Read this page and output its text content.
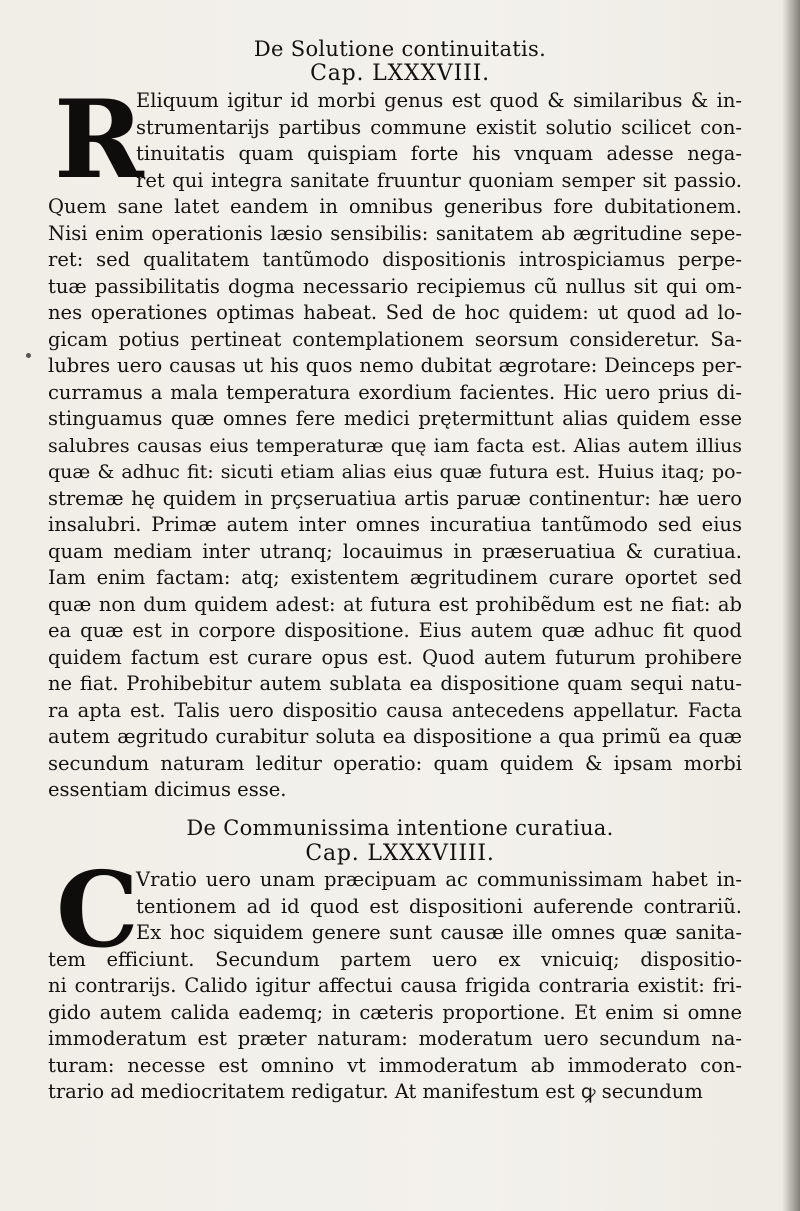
De Solutione continuitatis.
Cap. LXXXVIII.
R
Eliquum igitur id morbi genus est quod & similaribus & in-
strumentarijs partibus commune existit solutio scilicet con-
tinuitatis quam quispiam forte his vnquam adesse nega-
ret qui integra sanitate fruuntur quoniam semper sit passio.
Quem sane latet eandem in omnibus generibus fore dubitationem.
Nisi enim operationis læsio sensibilis: sanitatem ab ægritudine sepe-
ret: sed qualitatem tantũmodo dispositionis introspiciamus perpe-
tuæ passibilitatis dogma necessario recipiemus cũ nullus sit qui om-
nes operationes optimas habeat. Sed de hoc quidem: ut quod ad lo-
gicam potius pertineat contemplationem seorsum consideretur. Sa-
lubres uero causas ut his quos nemo dubitat ægrotare: Deinceps per-
curramus a mala temperatura exordium facientes. Hic uero prius di-
stinguamus quæ omnes fere medici prętermittunt alias quidem esse
salubres causas eius temperaturæ quę iam facta est. Alias autem illius
quæ & adhuc fit: sicuti etiam alias eius quæ futura est. Huius itaq; po-
stremæ hę quidem in prçseruatiua artis paruæ continentur: hæ uero
insalubri. Primæ autem inter omnes incuratiua tantũmodo sed eius
quam mediam inter utranq; locauimus in præseruatiua & curatiua.
Iam enim factam: atq; existentem ægritudinem curare oportet sed
quæ non dum quidem adest: at futura est prohibẽdum est ne fiat: ab
ea quæ est in corpore dispositione. Eius autem quæ adhuc fit quod
quidem factum est curare opus est. Quod autem futurum prohibere
ne fiat. Prohibebitur autem sublata ea dispositione quam sequi natu-
ra apta est. Talis uero dispositio causa antecedens appellatur. Facta
autem ægritudo curabitur soluta ea dispositione a qua primũ ea quæ
secundum naturam leditur operatio: quam quidem & ipsam morbi
essentiam dicimus esse.
De Communissima intentione curatiua.
Cap. LXXXVIIII.
C
Vratio uero unam præcipuam ac communissimam habet in-
tentionem ad id quod est dispositioni auferende contrariũ.
Ex hoc siquidem genere sunt causæ ille omnes quæ sanita-
tem efficiunt. Secundum partem uero ex vnicuiq; dispositio-
ni contrarijs. Calido igitur affectui causa frigida contraria existit: fri-
gido autem calida eademq; in cæteris proportione. Et enim si omne
immoderatum est præter naturam: moderatum uero secundum na-
turam: necesse est omnino vt immoderatum ab immoderato con-
trario ad mediocritatem redigatur. At manifestum est ꝙ secundum
